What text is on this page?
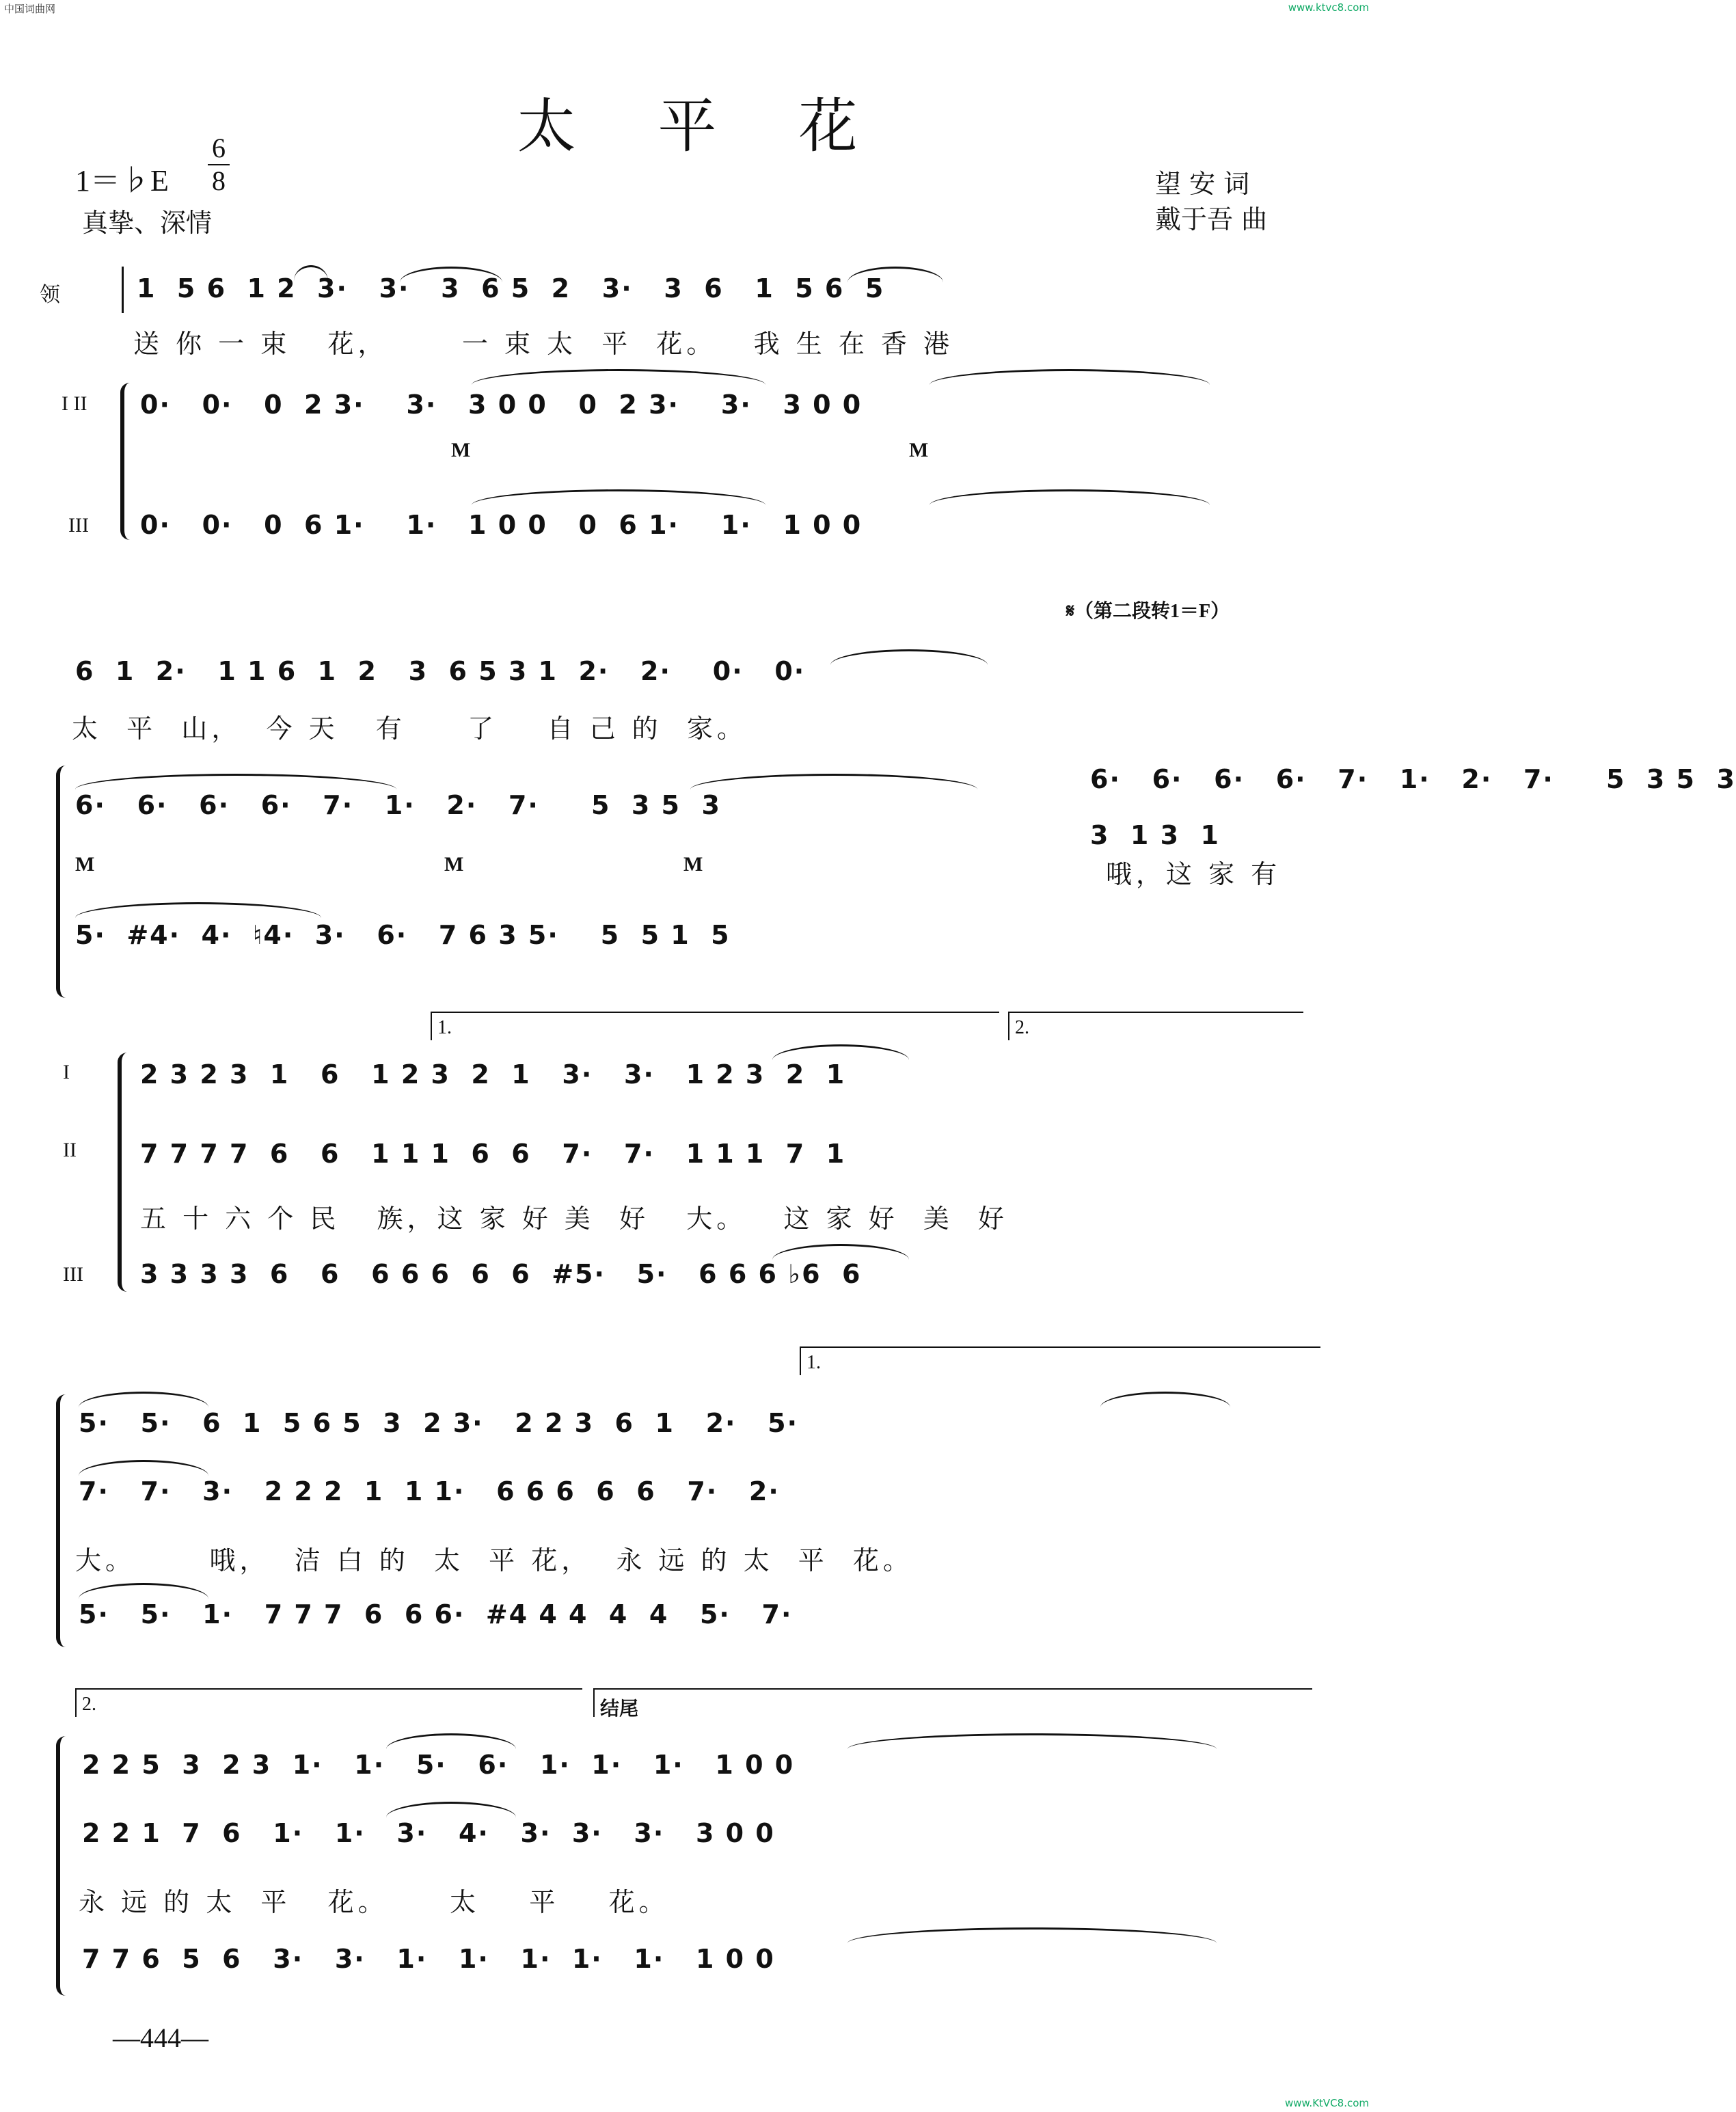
中国词曲网	www.ktvc8.com
www.KtVC8.com
太平花
1＝♭E
6
8
真挚、深情
望 安 词
戴于吾 曲
领	1  5 6  1 2  3·   3·   3  6 5  2   3·   3  6   1  5 6  5
送 你 一 束   花，      一 束 太  平  花。   我 生 在 香 港
I II 0·   0·   0  2 3·    3·   3 0 0   0  2 3·    3·   3 0 0
M	M
III 0·   0·   0  6 1·    1·   1 0 0   0  6 1·    1·   1 0 0
𝄋（第二段转1＝F）
6  1  2·   1 1 6  1  2   3  6 5 3 1  2·   2·    0·   0·
太  平  山，  今 天   有     了    自 己 的  家。
6·   6·   6·   6·   7·   1·   2·   7·     5  3 5  3
6·   6·   6·   6·   7·   1·   2·   7·     5  3 5  3
3  1 3  1
M	M	M	哦，这 家 有
5·  #4·  4·  ♮4·  3·   6·   7 6 3 5·    5  5 1  5
1.	2.
I
II
III
2 3 2 3  1   6   1 2 3  2  1   3·   3·   1 2 3  2  1
7 7 7 7  6   6   1 1 1  6  6   7·   7·   1 1 1  7  1
五 十 六 个 民   族，这 家 好 美  好   大。   这 家 好  美  好
3 3 3 3  6   6   6 6 6  6  6  #5·   5·   6 6 6 ♭6  6
1.
5·   5·   6  1  5 6 5  3  2 3·   2 2 3  6  1   2·   5·
7·   7·   3·   2 2 2  1  1 1·   6 6 6  6  6   7·   2·
大。      哦，  洁 白 的  太  平 花，  永 远 的 太  平  花。
5·   5·   1·   7 7 7  6  6 6·  #4 4 4  4  4   5·   7·
2.	结尾
2 2 5  3  2 3  1·   1·   5·   6·   1·  1·   1·   1 0 0
2 2 1  7  6   1·   1·   3·   4·   3·  3·   3·   3 0 0
永 远 的 太  平   花。     太    平    花。
7 7 6  5  6   3·   3·   1·   1·   1·  1·   1·   1 0 0
—444—
